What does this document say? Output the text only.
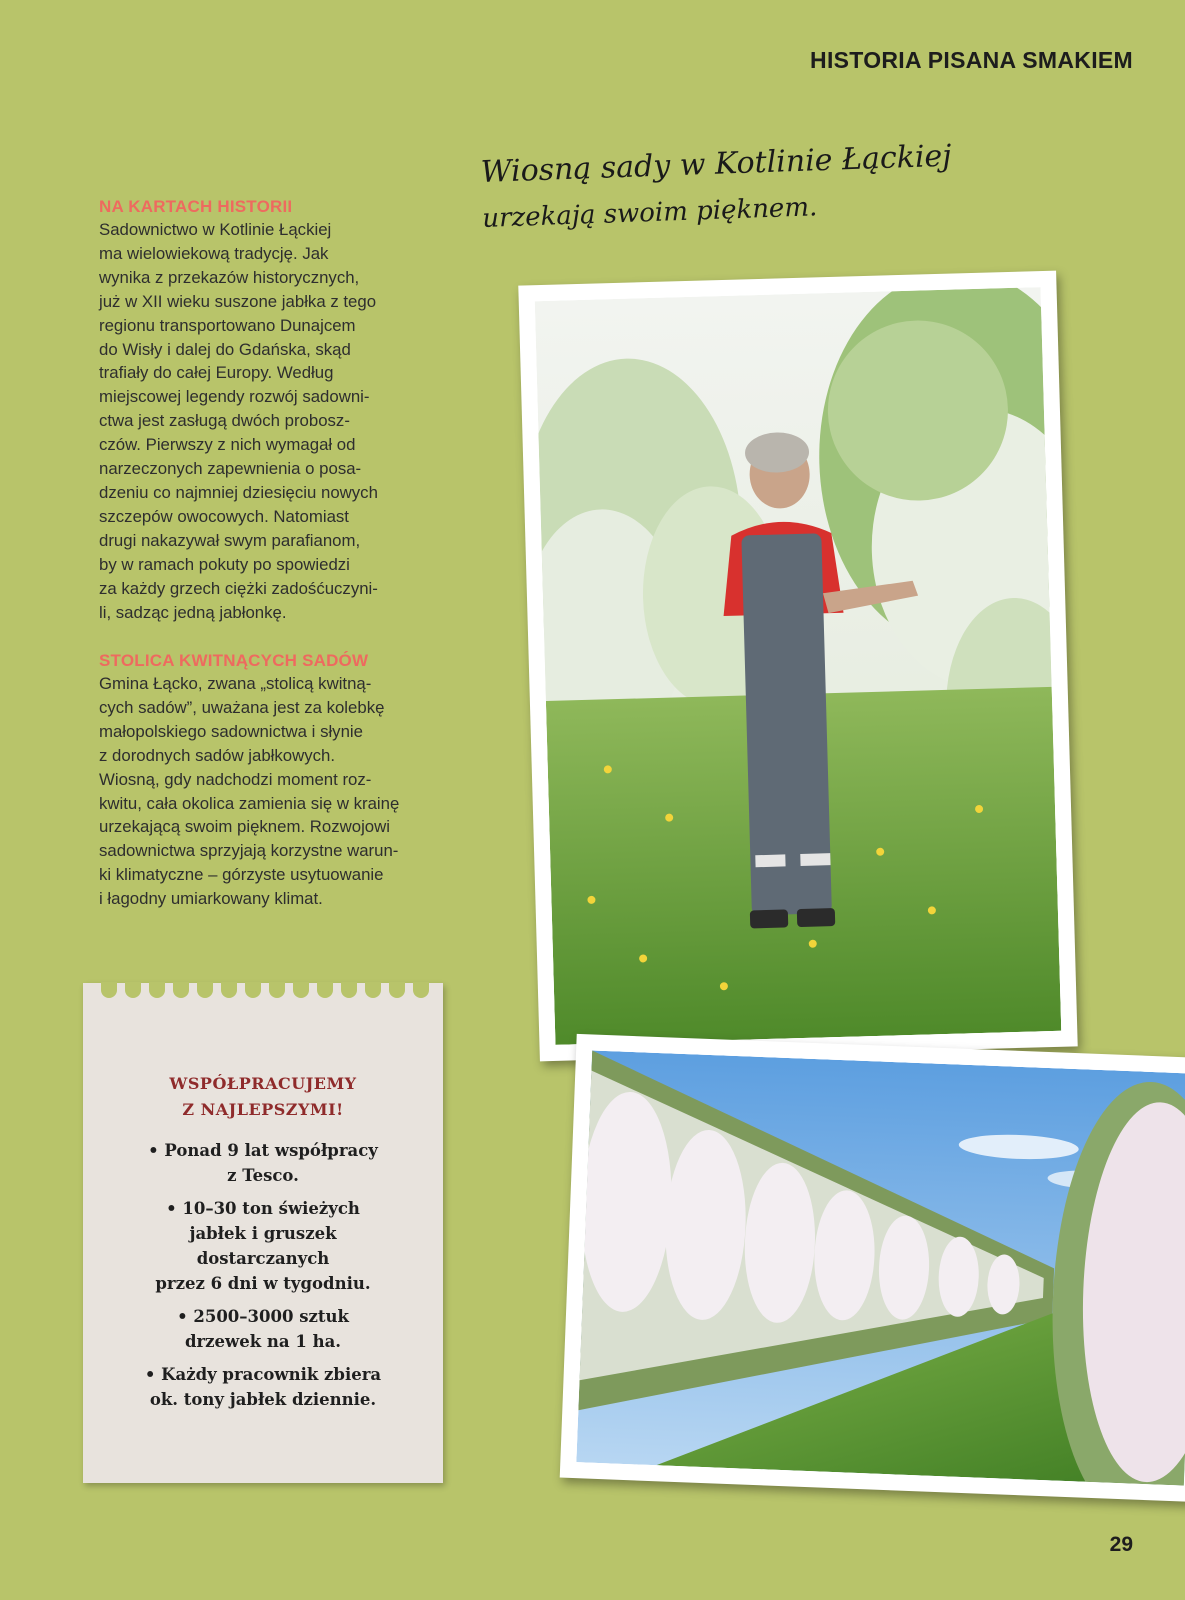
HISTORIA PISANA SMAKIEM
Wiosną sady w Kotlinie Łąckiej
urzekają swoim pięknem.
NA KARTACH HISTORII
Sadownictwo w Kotlinie Łąckiej
ma wielowiekową tradycję. Jak
wynika z przekazów historycznych,
już w XII wieku suszone jabłka z tego
regionu transportowano Dunajcem
do Wisły i dalej do Gdańska, skąd
trafiały do całej Europy. Według
miejscowej legendy rozwój sadowni-
ctwa jest zasługą dwóch probosz-
czów. Pierwszy z nich wymagał od
narzeczonych zapewnienia o posa-
dzeniu co najmniej dziesięciu nowych
szczepów owocowych. Natomiast
drugi nakazywał swym parafianom,
by w ramach pokuty po spowiedzi
za każdy grzech ciężki zadośćuczyni-
li, sadząc jedną jabłonkę.
STOLICA KWITNĄCYCH SADÓW
Gmina Łącko, zwana „stolicą kwitną-
cych sadów”, uważana jest za kolebkę
małopolskiego sadownictwa i słynie
z dorodnych sadów jabłkowych.
Wiosną, gdy nadchodzi moment roz-
kwitu, cała okolica zamienia się w krainę
urzekającą swoim pięknem. Rozwojowi
sadownictwa sprzyjają korzystne warun-
ki klimatyczne – górzyste usytuowanie
i łagodny umiarkowany klimat.
WSPÓŁPRACUJEMY
Z NAJLEPSZYMI!
• Ponad 9 lat współpracy
z Tesco.
• 10–30 ton świeżych
jabłek i gruszek
dostarczanych
przez 6 dni w tygodniu.
• 2500–3000 sztuk
drzewek na 1 ha.
• Każdy pracownik zbiera
ok. tony jabłek dziennie.
29
